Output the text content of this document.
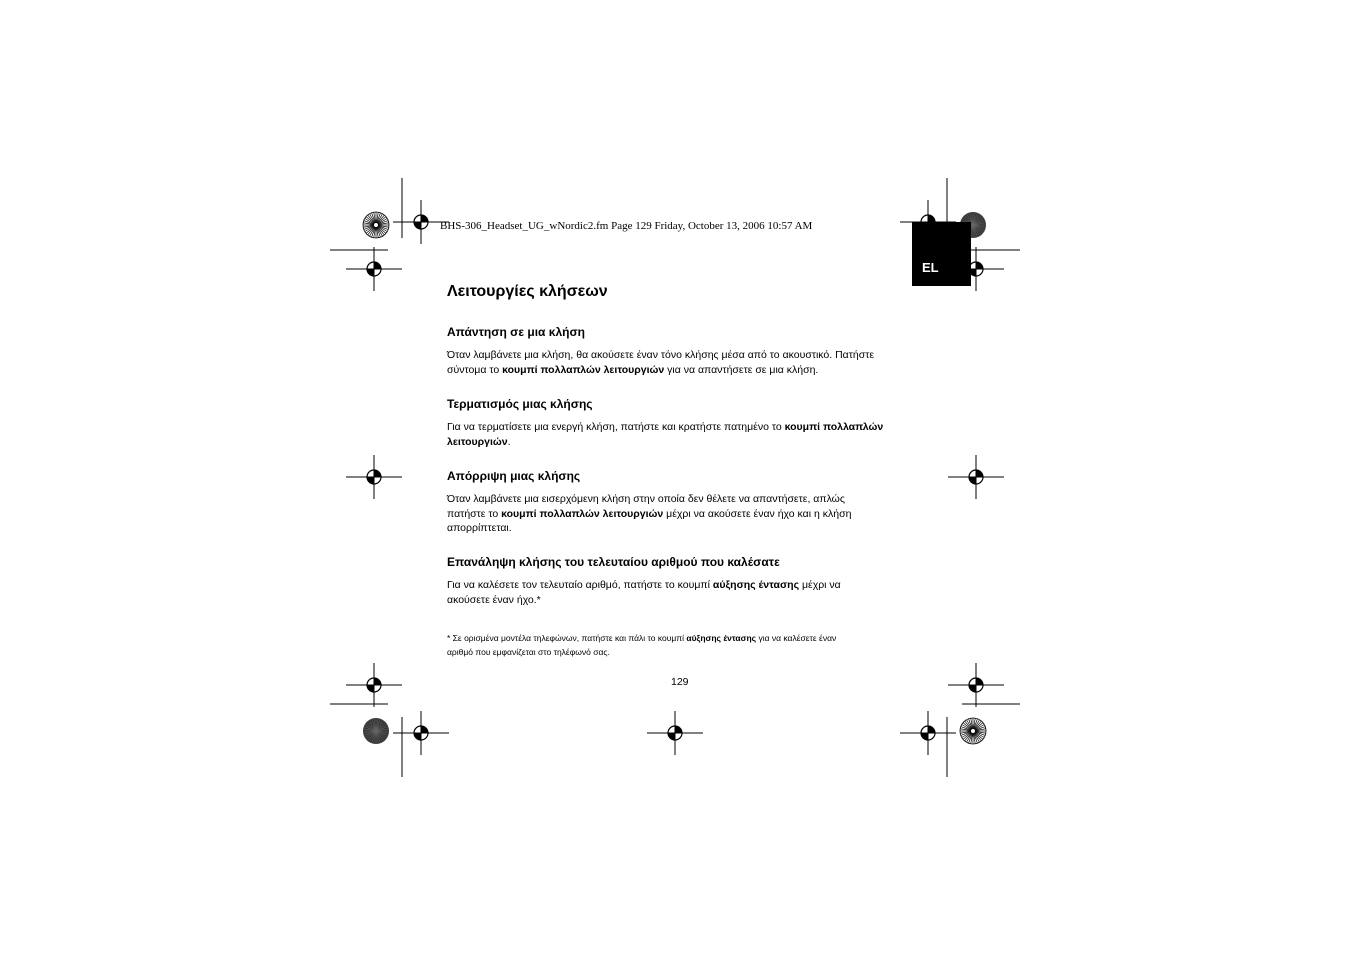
BHS-306_Headset_UG_wNordic2.fm Page 129 Friday, October 13, 2006 10:57 AM
EL
Λειτουργίες κλήσεων
Απάντηση σε μια κλήση

Όταν λαμβάνετε μια κλήση, θα ακούσετε έναν τόνο κλήσης μέσα από το ακουστικό. Πατήστε
σύντομα το κουμπί πολλαπλών λειτουργιών για να απαντήσετε σε μια κλήση.

Τερματισμός μιας κλήσης

Για να τερματίσετε μια ενεργή κλήση, πατήστε και κρατήστε πατημένο το κουμπί πολλαπλών
λειτουργιών.

Απόρριψη μιας κλήσης

Όταν λαμβάνετε μια εισερχόμενη κλήση στην οποία δεν θέλετε να απαντήσετε, απλώς
πατήστε το κουμπί πολλαπλών λειτουργιών μέχρι να ακούσετε έναν ήχο και η κλήση
απορρίπτεται.

Επανάληψη κλήσης του τελευταίου αριθμού που καλέσατε

Για να καλέσετε τον τελευταίο αριθμό, πατήστε το κουμπί αύξησης έντασης μέχρι να
ακούσετε έναν ήχο.*

* Σε ορισμένα μοντέλα τηλεφώνων, πατήστε και πάλι το κουμπί αύξησης έντασης για να καλέσετε έναν
αριθμό που εμφανίζεται στο τηλέφωνό σας.

129
